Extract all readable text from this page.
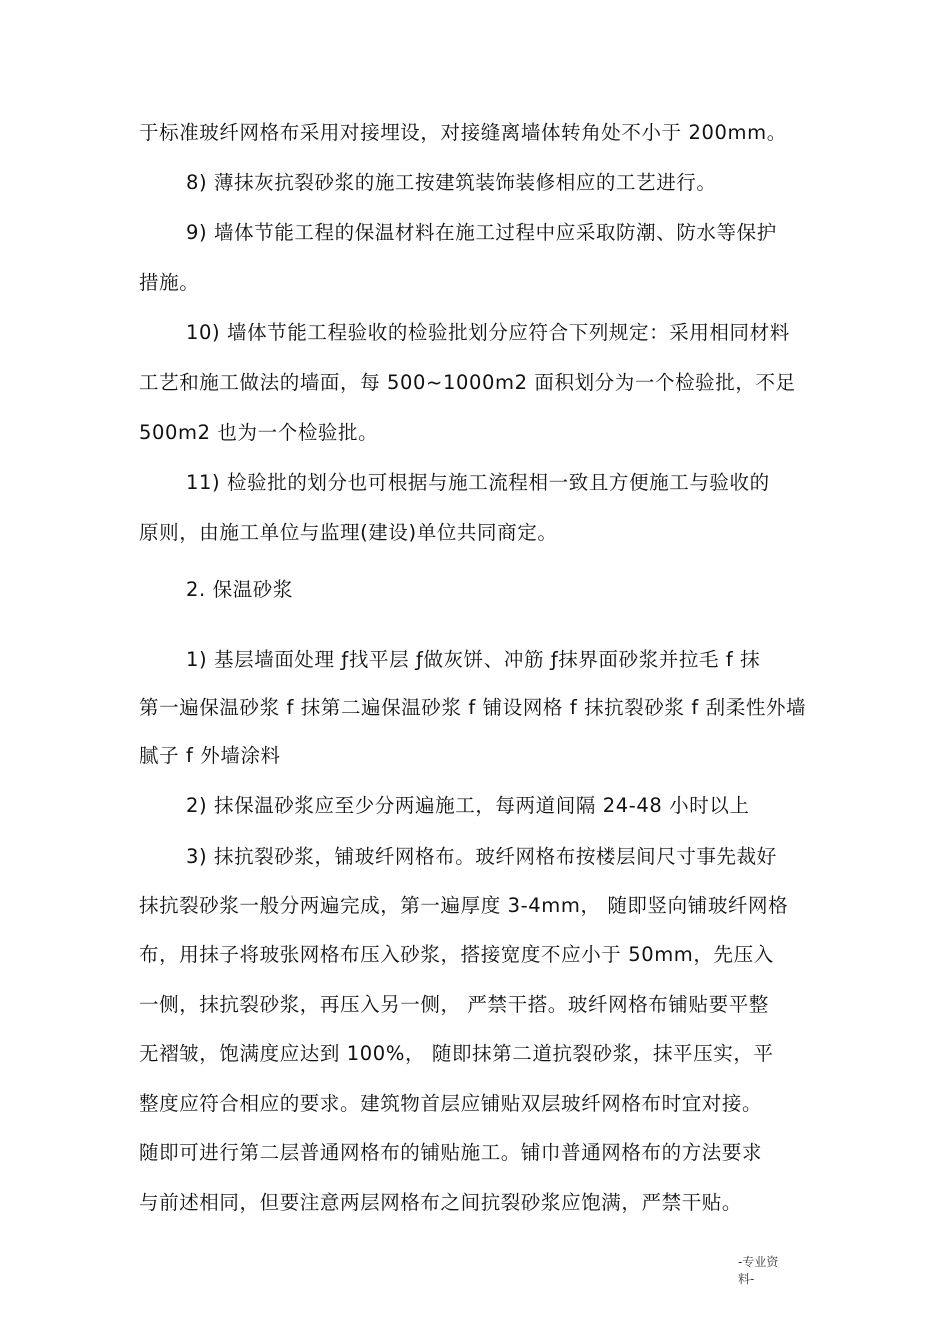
于标准玻纤网格布采用对接埋设，对接缝离墙体转角处不小于 200mm。
8) 薄抹灰抗裂砂浆的施工按建筑装饰装修相应的工艺进行。
9) 墙体节能工程的保温材料在施工过程中应采取防潮、防水等保护
措施。
10) 墙体节能工程验收的检验批划分应符合下列规定：采用相同材料
工艺和施工做法的墙面，每 500~1000m2 面积划分为一个检验批，不足
500m2 也为一个检验批。
11) 检验批的划分也可根据与施工流程相一致且方便施工与验收的
原则，由施工单位与监理(建设)单位共同商定。
2. 保温砂浆
1) 基层墙面处理 ƒ找平层 ƒ做灰饼、冲筋 ƒ抹界面砂浆并拉毛 f 抹
第一遍保温砂浆 f 抹第二遍保温砂浆 f 铺设网格 f 抹抗裂砂浆 f 刮柔性外墙
腻子 f 外墙涂料
2) 抹保温砂浆应至少分两遍施工，每两道间隔 24-48 小时以上
3) 抹抗裂砂浆，铺玻纤网格布。玻纤网格布按楼层间尺寸事先裁好
抹抗裂砂浆一般分两遍完成，第一遍厚度 3-4mm， 随即竖向铺玻纤网格
布，用抹子将玻张网格布压入砂浆，搭接宽度不应小于 50mm，先压入
一侧，抹抗裂砂浆，再压入另一侧， 严禁干搭。玻纤网格布铺贴要平整
无褶皱，饱满度应达到 100%， 随即抹第二道抗裂砂浆，抹平压实，平
整度应符合相应的要求。建筑物首层应铺贴双层玻纤网格布时宜对接。
随即可进行第二层普通网格布的铺贴施工。铺巾普通网格布的方法要求
与前述相同，但要注意两层网格布之间抗裂砂浆应饱满，严禁干贴。
-专业资
料-
